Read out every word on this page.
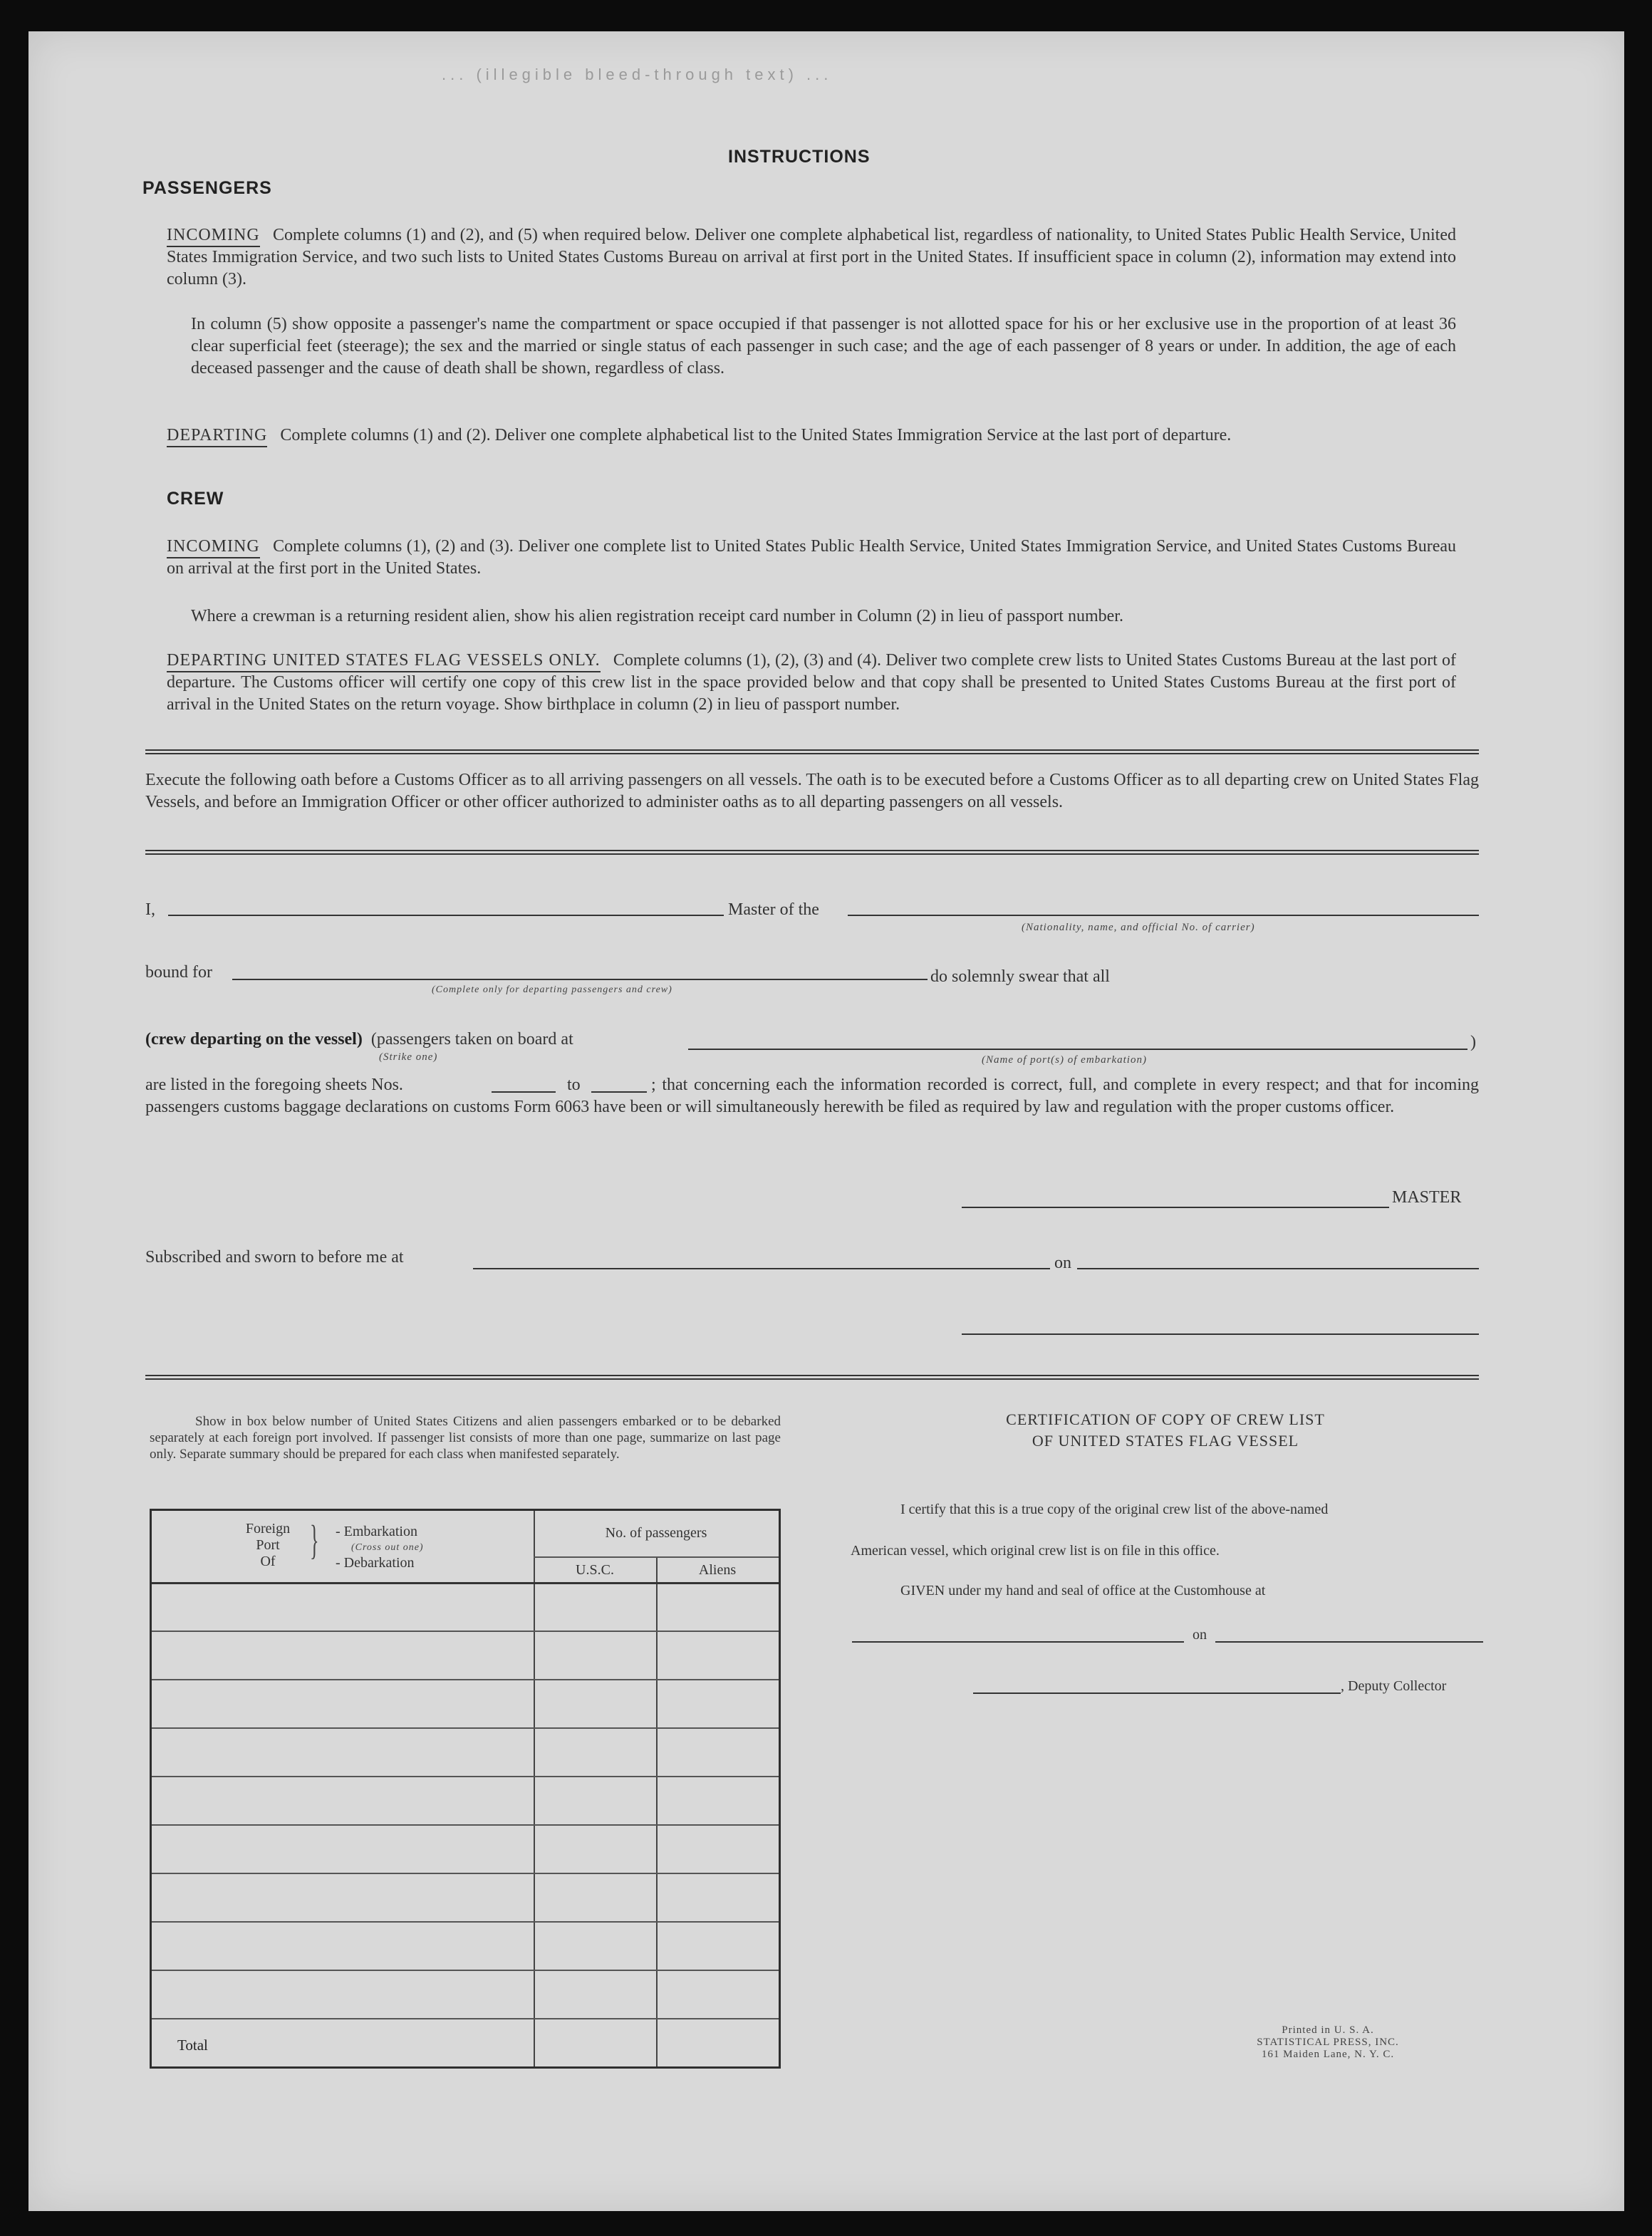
... (illegible bleed-through text) ...
INSTRUCTIONS
PASSENGERS
INCOMING Complete columns (1) and (2), and (5) when required below. Deliver one complete alphabetical list, regardless of nationality, to United States Public Health Service, United States Immigration Service, and two such lists to United States Customs Bureau on arrival at first port in the United States. If insufficient space in column (2), information may extend into column (3).
In column (5) show opposite a passenger's name the compartment or space occupied if that passenger is not allotted space for his or her exclusive use in the proportion of at least 36 clear superficial feet (steerage); the sex and the married or single status of each passenger in such case; and the age of each passenger of 8 years or under. In addition, the age of each deceased passenger and the cause of death shall be shown, regardless of class.
DEPARTING Complete columns (1) and (2). Deliver one complete alphabetical list to the United States Immigration Service at the last port of departure.
CREW
INCOMING Complete columns (1), (2) and (3). Deliver one complete list to United States Public Health Service, United States Immigration Service, and United States Customs Bureau on arrival at the first port in the United States.
Where a crewman is a returning resident alien, show his alien registration receipt card number in Column (2) in lieu of passport number.
DEPARTING UNITED STATES FLAG VESSELS ONLY. Complete columns (1), (2), (3) and (4). Deliver two complete crew lists to United States Customs Bureau at the last port of departure. The Customs officer will certify one copy of this crew list in the space provided below and that copy shall be presented to United States Customs Bureau at the first port of arrival in the United States on the return voyage. Show birthplace in column (2) in lieu of passport number.
Execute the following oath before a Customs Officer as to all arriving passengers on all vessels. The oath is to be executed before a Customs Officer as to all departing crew on United States Flag Vessels, and before an Immigration Officer or other officer authorized to administer oaths as to all departing passengers on all vessels.
I,	Master of the
(Nationality, name, and official No. of carrier)
bound for
(Complete only for departing passengers and crew)
do solemnly swear that all
(crew departing on the vessel) (passengers taken on board at	)
(Strike one)	(Name of port(s) of embarkation)
are listed in the foregoing sheets Nos.	to	; that concerning each the information recorded is correct, full, and complete in every respect; and that for incoming passengers customs baggage declarations on customs Form 6063 have been or will simultaneously herewith be filed as required by law and regulation with the proper customs officer.
MASTER
Subscribed and sworn to before me at	on
Show in box below number of United States Citizens and alien passengers embarked or to be debarked separately at each foreign port involved. If passenger list consists of more than one page, summarize on last page only. Separate summary should be prepared for each class when manifested separately.
Foreign
Port
Of } - Embarkation
(Cross out one)
- Debarkation
No. of passengers
U.S.C.	Aliens
Total
CERTIFICATION OF COPY OF CREW LIST
OF UNITED STATES FLAG VESSEL
I certify that this is a true copy of the original crew list of the above-named
American vessel, which original crew list is on file in this office.
GIVEN under my hand and seal of office at the Customhouse at
on
, Deputy Collector
Printed in U. S. A.
STATISTICAL PRESS, INC.
161 Maiden Lane, N. Y. C.
